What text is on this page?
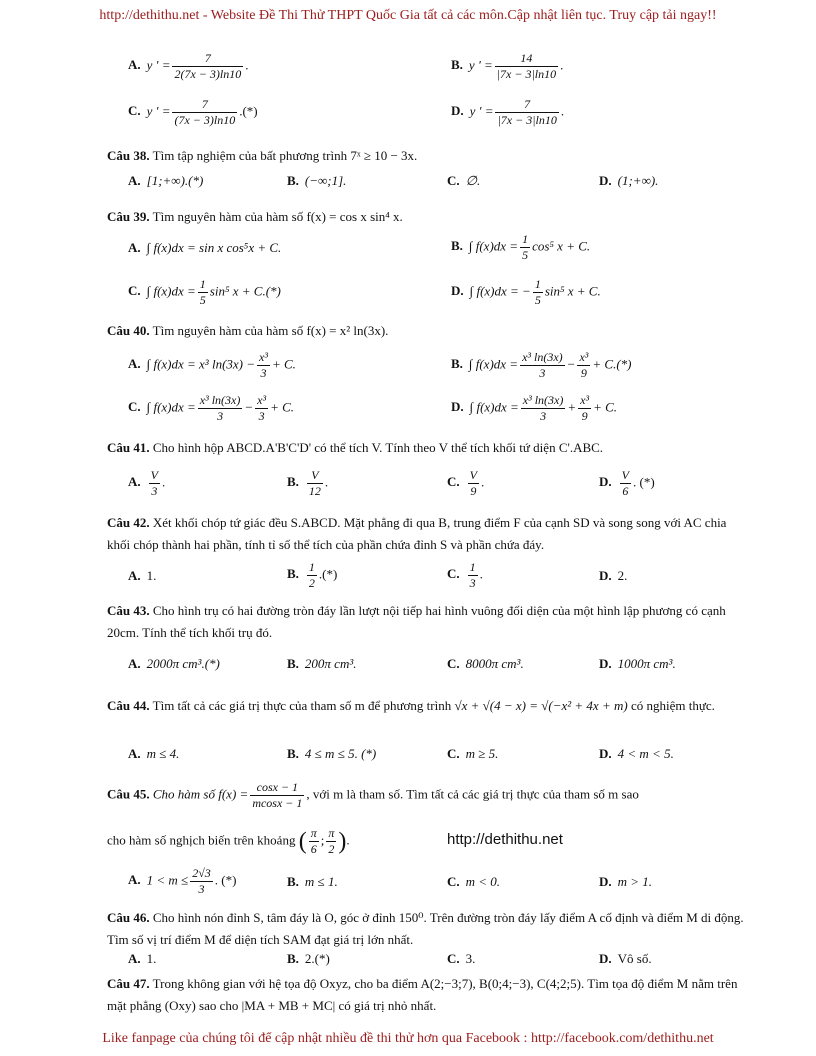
http://dethithu.net - Website Đề Thi Thử THPT Quốc Gia tất cả các môn.Cập nhật liên tục. Truy cập tải ngay!!
A. y ' = $\frac{7}{2(7x - 3)\ln 10}$ .	B. y ' = $\frac{14}{|7x - 3|\ln 10}$ .
C. y ' = $\frac{7}{(7x - 3)\ln 10}$ .(*)	D. y ' = $\frac{7}{|7x - 3|\ln 10}$ .
Câu 38. Tìm tập nghiệm của bất phương trình 7ˣ ≥ 10 − 3x.
A. [1;+∞).(*)	B. (−∞;1].	C. ∅.	D. (1;+∞).
Câu 39. Tìm nguyên hàm của hàm số f(x) = cos x sin⁴ x.
A. ∫ f(x)dx = sin x cos⁵x + C.	B. ∫ $f(x)dx = \frac{1}{5} \cos^5$ x + C.
C. ∫ $f(x)dx = \frac{1}{5} \sin^5$ x + C.(*)	D. ∫ f(x)dx = − $\frac{1}{5} \sin^5$ x + C.
Câu 40. Tìm nguyên hàm của hàm số f(x) = x² ln(3x).
A. ∫ f(x)dx = x³ $\ln(3x) - \frac{\text{x³}}{3} + C$.	B. ∫ $f(x)dx = \frac{\text{x³ ln(3x)}}{3} - \frac{\text{x³}}{9} + C.(*)$
C. ∫ $f(x)dx = \frac{\text{x³ ln(3x)}}{3} - \frac{\text{x³}}{3} + C$.	D. ∫ $f(x)dx = \frac{\text{x³ ln(3x)}}{3} + \frac{\text{x³}}{9} + C$.
Câu 41. Cho hình hộp ABCD.A'B'C'D' có thể tích V. Tính theo V thể tích khối tứ diện C'.ABC.
A. $\frac{V}{3}$ .	B. $\frac{V}{12}$ .	C. $\frac{V}{9}$ .	D. $\frac{V}{6}$ . (*)
Câu 42. Xét khối chóp tứ giác đều S.ABCD. Mặt phẳng đi qua B, trung điểm F của cạnh SD và song song với AC chia khối chóp thành hai phần, tính tỉ số thể tích của phần chứa đỉnh S và phần chứa đáy.
A. 1.	B. $\frac{1}{2}$ .(*)	C. $\frac{1}{3}$ .	D. 2.
Câu 43. Cho hình trụ có hai đường tròn đáy lần lượt nội tiếp hai hình vuông đối diện của một hình lập phương có cạnh 20cm. Tính thể tích khối trụ đó.
A. 2000π cm³.(*)	B. 200π cm³.	C. 8000π cm³.	D. 1000π cm³.
Câu 44. Tìm tất cả các giá trị thực của tham số m để phương trình √x + √(4 − x) = √(−x² + 4x + m) có nghiệm thực.
A. m ≤ 4.	B. 4 ≤ m ≤ 5. (*)	C. m ≥ 5.	D. 4 < m < 5.
Câu 45. Cho hàm số $f(x) = \frac{\cos x - 1}{mcosx - 1}$ , với m là tham số. Tìm tất cả các giá trị thực của tham số m sao
cho hàm số nghịch biến trên khoảng ( $\frac{\pi}{6}$ ; $\frac{\pi}{2}$ ).	http://dethithu.net
A. $1 < m \le \frac{2√3}{3}$ . (*)	B. m ≤ 1.	C. m < 0.	D. m > 1.
Câu 46. Cho hình nón đỉnh S, tâm đáy là O, góc ở đỉnh 150⁰. Trên đường tròn đáy lấy điểm A cố định và điểm M di động. Tìm số vị trí điểm M để diện tích SAM đạt giá trị lớn nhất.
A. 1.	B. 2.(*)	C. 3.	D. Vô số.
Câu 47. Trong không gian với hệ tọa độ Oxyz, cho ba điểm A(2;−3;7), B(0;4;−3), C(4;2;5). Tìm tọa độ điểm M nằm trên mặt phẳng (Oxy) sao cho |MA + MB + MC| có giá trị nhỏ nhất.
Like fanpage của chúng tôi để cập nhật nhiều đề thi thử hơn qua Facebook : http://facebook.com/dethithu.net
